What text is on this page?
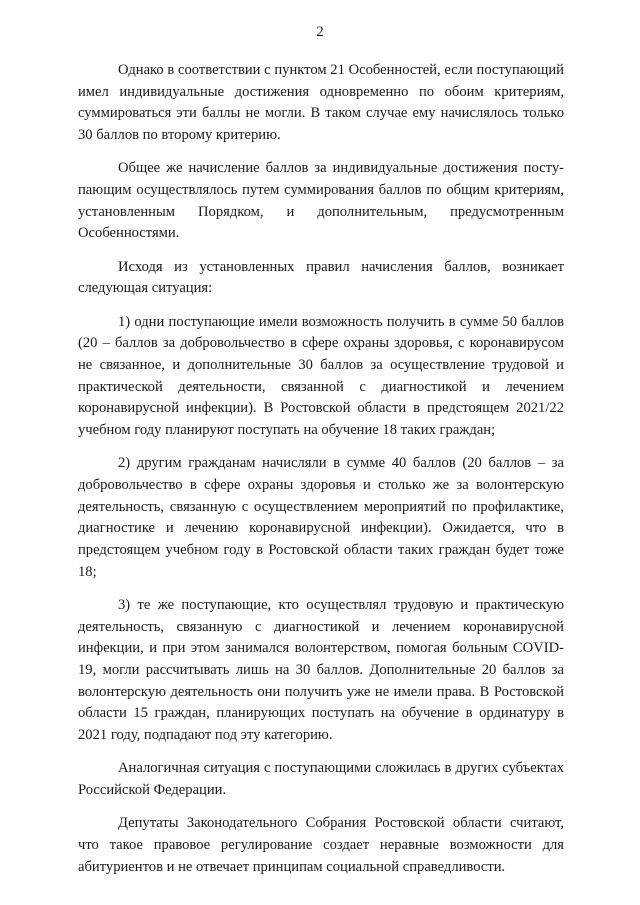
2

Однако в соответствии с пунктом 21 Особенностей, если поступающий имел индивидуальные достижения одновременно по обоим критериям, суммироваться эти баллы не могли. В таком случае ему начислялось только 30 баллов по второму критерию.

Общее же начисление баллов за индивидуальные достижения поступающим осуществлялось путем суммирования баллов по общим критериям, установленным Порядком, и дополнительным, предусмотренным Особенностями.

Исходя из установленных правил начисления баллов, возникает следующая ситуация:

1) одни поступающие имели возможность получить в сумме 50 баллов (20 – баллов за добровольчество в сфере охраны здоровья, с коронавирусом не связанное, и дополнительные 30 баллов за осуществление трудовой и практической деятельности, связанной с диагностикой и лечением коронавирусной инфекции). В Ростовской области в предстоящем 2021/22 учебном году планируют поступать на обучение 18 таких граждан;

2) другим гражданам начисляли в сумме 40 баллов (20 баллов – за добровольчество в сфере охраны здоровья и столько же за волонтерскую деятельность, связанную с осуществлением мероприятий по профилактике, диагностике и лечению коронавирусной инфекции). Ожидается, что в предстоящем учебном году в Ростовской области таких граждан будет тоже 18;

3) те же поступающие, кто осуществлял трудовую и практическую деятельность, связанную с диагностикой и лечением коронавирусной инфекции, и при этом занимался волонтерством, помогая больным COVID-19, могли рассчитывать лишь на 30 баллов. Дополнительные 20 баллов за волонтерскую деятельность они получить уже не имели права. В Ростовской области 15 граждан, планирующих поступать на обучение в ординатуру в 2021 году, подпадают под эту категорию.

Аналогичная ситуация с поступающими сложилась в других субъектах Российской Федерации.

Депутаты Законодательного Собрания Ростовской области считают, что такое правовое регулирование создает неравные возможности для абитуриентов и не отвечает принципам социальной справедливости.
